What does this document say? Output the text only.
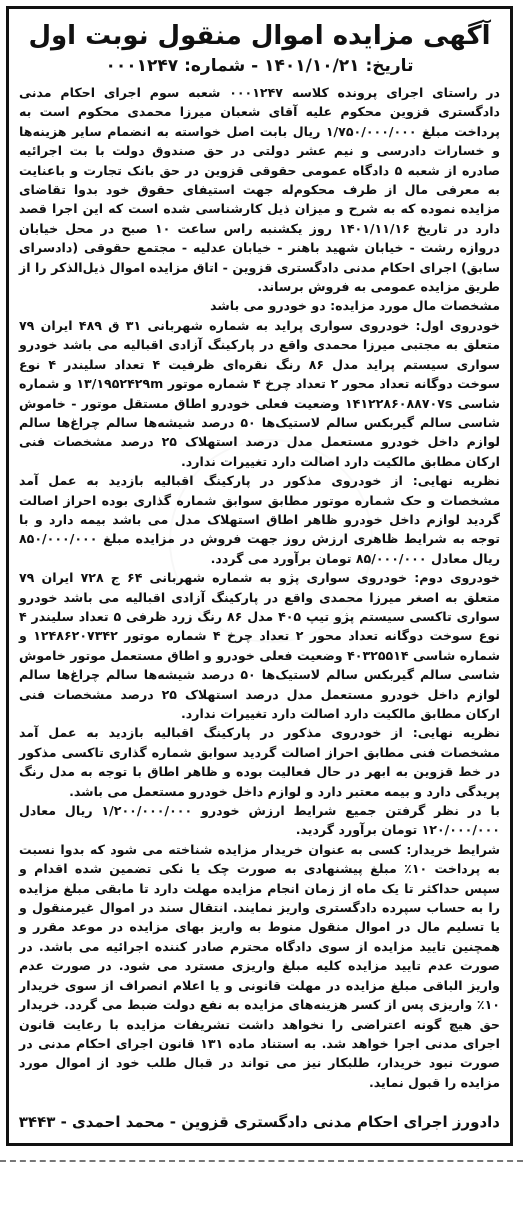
آگهی مزایده اموال منقول نوبت اول
تاریخ: ۱۴۰۱/۱۰/۲۱ - شماره: ۰۰۰۱۲۴۷

در راستای اجرای پرونده کلاسه ۰۰۰۱۲۴۷ شعبه سوم اجرای احکام مدنی دادگستری قزوین محکوم علیه آقای شعبان میرزا محمدی محکوم است به پرداخت مبلغ ۱/۷۵۰/۰۰۰/۰۰۰ ریال بابت اصل خواسته به انضمام سایر هزینه‌ها و خسارات دادرسی و نیم عشر دولتی در حق صندوق دولت با بت اجرائیه صادره از شعبه ۵ دادگاه عمومی حقوقی قزوین در حق بانک تجارت و باعنایت به معرفی مال از طرف محکوم‌له جهت استیفای حقوق خود بدوا تقاضای مزایده نموده که به شرح و میزان ذیل کارشناسی شده است که این اجرا قصد دارد در تاریخ ۱۴۰۱/۱۱/۱۶ روز یکشنبه راس ساعت ۱۰ صبح در محل خیابان دروازه رشت - خیابان شهید باهنر - خیابان عدلیه - مجتمع حقوقی (دادسرای سابق) اجرای احکام مدنی دادگستری قزوین - اتاق مزایده اموال ذیل‌الذکر را از طریق مزایده عمومی به فروش برساند.

مشخصات مال مورد مزایده: دو خودرو می باشد

خودروی اول: خودروی سواری پراید به شماره شهربانی ۳۱ ق ۴۸۹ ایران ۷۹ متعلق به مجتبی میرزا محمدی واقع در پارکینگ آزادی اقبالیه می باشد خودرو سواری سیستم پراید مدل ۸۶ رنگ نقره‌ای ظرفیت ۴ تعداد سلیندر ۴ نوع سوخت دوگانه تعداد محور ۲ تعداد چرخ ۴ شماره موتور ۱۳/۱۹۵۲۴۲۹m و شماره شاسی ۱۴۱۲۲۸۶۰۸۸۷۰۷s وضعیت فعلی خودرو اطاق مستقل موتور - خاموش شاسی سالم گیربکس سالم لاستیک‌ها ۵۰ درصد شیشه‌ها سالم چراغ‌ها سالم لوازم داخل خودرو مستعمل مدل درصد استهلاک ۲۵ درصد مشخصات فنی ارکان مطابق مالکیت دارد اصالت دارد تغییرات ندارد.

نظریه نهایی: از خودروی مذکور در پارکینگ اقبالیه بازدید به عمل آمد مشخصات و حک شماره موتور مطابق سوابق شماره گذاری بوده احراز اصالت گردید لوازم داخل خودرو ظاهر اطاق استهلاک مدل می باشد بیمه دارد و با توجه به شرایط ظاهری ارزش روز جهت فروش در مزایده مبلغ ۸۵۰/۰۰۰/۰۰۰ ریال معادل ۸۵/۰۰۰/۰۰۰ تومان برآورد می گردد.

خودروی دوم: خودروی سواری پژو به شماره شهربانی ۶۴ ج ۷۲۸ ایران ۷۹ متعلق به اصغر میرزا محمدی واقع در پارکینگ آزادی اقبالیه می باشد خودرو سواری تاکسی سیستم پژو تیپ ۴۰۵ مدل ۸۶ رنگ زرد ظرفی ۵ تعداد سلیندر ۴ نوع سوخت دوگانه تعداد محور ۲ تعداد چرخ ۴ شماره موتور ۱۲۴۸۶۲۰۷۳۴۲ و شماره شاسی ۴۰۳۲۵۵۱۴ وضعیت فعلی خودرو و اطاق مستعمل موتور خاموش شاسی سالم گیربکس سالم لاستیک‌ها ۵۰ درصد شیشه‌ها سالم چراغ‌ها سالم لوازم داخل خودرو مستعمل مدل درصد استهلاک ۲۵ درصد مشخصات فنی ارکان مطابق مالکیت دارد اصالت دارد تغییرات ندارد.

نظریه نهایی: از خودروی مذکور در پارکینگ اقبالیه بازدید به عمل آمد مشخصات فنی مطابق احراز اصالت گردید سوابق شماره گذاری تاکسی مذکور در خط قزوین به ابهر در حال فعالیت بوده و ظاهر اطاق با توجه به مدل رنگ پریدگی دارد و بیمه معتبر دارد و لوازم داخل خودرو مستعمل می باشد.

با در نظر گرفتن جمیع شرایط ارزش خودرو ۱/۲۰۰/۰۰۰/۰۰۰ ریال معادل ۱۲۰/۰۰۰/۰۰۰ تومان برآورد گردید.

شرایط خریدار: کسی به عنوان خریدار مزایده شناخته می شود که بدوا نسبت به پرداخت ۱۰٪ مبلغ پیشنهادی به صورت چک یا نکی تضمین شده اقدام و سپس حداکثر تا یک ماه از زمان انجام مزایده مهلت دارد تا مابقی مبلغ مزایده را به حساب سپرده دادگستری واریز نمایند. انتقال سند در اموال غیرمنقول و یا تسلیم مال در اموال منقول منوط به واریز بهای مزایده در موعد مقرر و همچنین تایید مزایده از سوی دادگاه محترم صادر کننده اجرائیه می باشد. در صورت عدم تایید مزایده کلیه مبلغ واریزی مسترد می شود. در صورت عدم واریز الباقی مبلغ مزایده در مهلت قانونی و یا اعلام انصراف از سوی خریدار ۱۰٪ واریزی پس از کسر هزینه‌های مزایده به نفع دولت ضبط می گردد. خریدار حق هیچ گونه اعتراضی را نخواهد داشت تشریفات مزایده با رعایت قانون اجرای مدنی اجرا خواهد شد. به استناد ماده ۱۳۱ قانون اجرای احکام مدنی در صورت نبود خریدار، طلبکار نیز می تواند در قبال طلب خود از اموال مورد مزایده را قبول نماید.

دادورز اجرای احکام مدنی دادگستری قزوین - محمد احمدی - ۳۴۴۳
